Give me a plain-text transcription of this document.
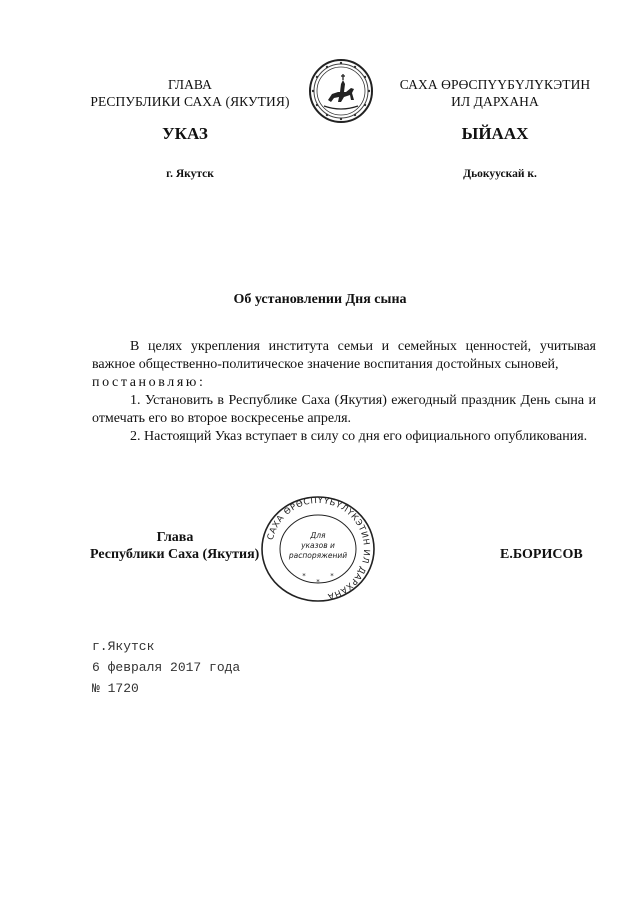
ГЛАВА
РЕСПУБЛИКИ САХА (ЯКУТИЯ)
САХА ӨРӨСПҮҮБҮЛҮКЭТИН
ИЛ ДАРХАНА
УКАЗ	ЫЙААХ
г. Якутск	Дьокуускай к.
Об установлении Дня сына

В целях укрепления института семьи и семейных ценностей, учитывая важное общественно-политическое значение воспитания достойных сыновей,

постановляю:

1. Установить в Республике Саха (Якутия) ежегодный праздник День сына и отмечать его во второе воскресенье апреля.

2. Настоящий Указ вступает в силу со дня его официального опубликования.

Глава
Республики Саха (Якутия)
САХА ӨРӨСПҮҮБҮЛҮКЭТИН ИЛ ДАРХАНА
Для
указов и
распоряжений
*
*
*
Е.БОРИСОВ
г.Якутск
6 февраля 2017 года
№ 1720
